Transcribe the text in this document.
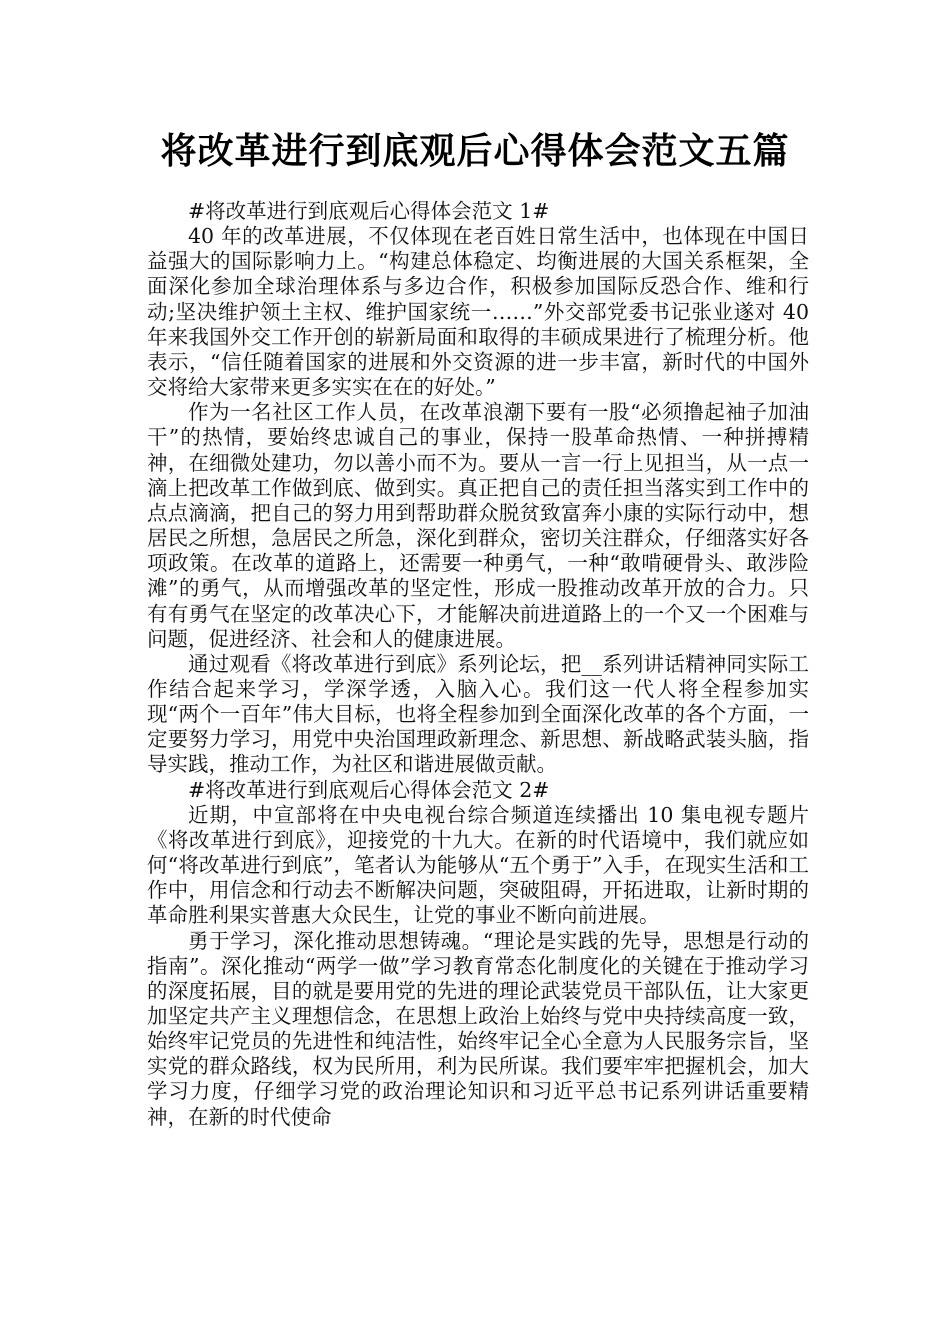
将改革进行到底观后心得体会范文五篇

#将改革进行到底观后心得体会范文 1#

40 年的改革进展，不仅体现在老百姓日常生活中，也体现在中国日益强大的国际影响力上。“构建总体稳定、均衡进展的大国关系框架，全面深化参加全球治理体系与多边合作，积极参加国际反恐合作、维和行动;坚决维护领土主权、维护国家统一……”外交部党委书记张业遂对 40 年来我国外交工作开创的崭新局面和取得的丰硕成果进行了梳理分析。他表示，“信任随着国家的进展和外交资源的进一步丰富，新时代的中国外交将给大家带来更多实实在在的好处。”

作为一名社区工作人员，在改革浪潮下要有一股“必须撸起袖子加油干”的热情，要始终忠诚自己的事业，保持一股革命热情、一种拼搏精神，在细微处建功，勿以善小而不为。要从一言一行上见担当，从一点一滴上把改革工作做到底、做到实。真正把自己的责任担当落实到工作中的点点滴滴，把自己的努力用到帮助群众脱贫致富奔小康的实际行动中，想居民之所想，急居民之所急，深化到群众，密切关注群众，仔细落实好各项政策。在改革的道路上，还需要一种勇气，一种“敢啃硬骨头、敢涉险滩”的勇气，从而增强改革的坚定性，形成一股推动改革开放的合力。只有有勇气在坚定的改革决心下，才能解决前进道路上的一个又一个困难与问题，促进经济、社会和人的健康进展。

通过观看《将改革进行到底》系列论坛，把__系列讲话精神同实际工作结合起来学习，学深学透，入脑入心。我们这一代人将全程参加实现“两个一百年”伟大目标，也将全程参加到全面深化改革的各个方面，一定要努力学习，用党中央治国理政新理念、新思想、新战略武装头脑，指导实践，推动工作，为社区和谐进展做贡献。

#将改革进行到底观后心得体会范文 2#

近期，中宣部将在中央电视台综合频道连续播出 10 集电视专题片《将改革进行到底》，迎接党的十九大。在新的时代语境中，我们就应如何“将改革进行到底”，笔者认为能够从“五个勇于”入手，在现实生活和工作中，用信念和行动去不断解决问题，突破阻碍，开拓进取，让新时期的革命胜利果实普惠大众民生，让党的事业不断向前进展。

勇于学习，深化推动思想铸魂。“理论是实践的先导，思想是行动的指南”。深化推动“两学一做”学习教育常态化制度化的关键在于推动学习的深度拓展，目的就是要用党的先进的理论武装党员干部队伍，让大家更加坚定共产主义理想信念，在思想上政治上始终与党中央持续高度一致，始终牢记党员的先进性和纯洁性，始终牢记全心全意为人民服务宗旨，坚实党的群众路线，权为民所用，利为民所谋。我们要牢牢把握机会，加大学习力度，仔细学习党的政治理论知识和习近平总书记系列讲话重要精神，在新的时代使命
